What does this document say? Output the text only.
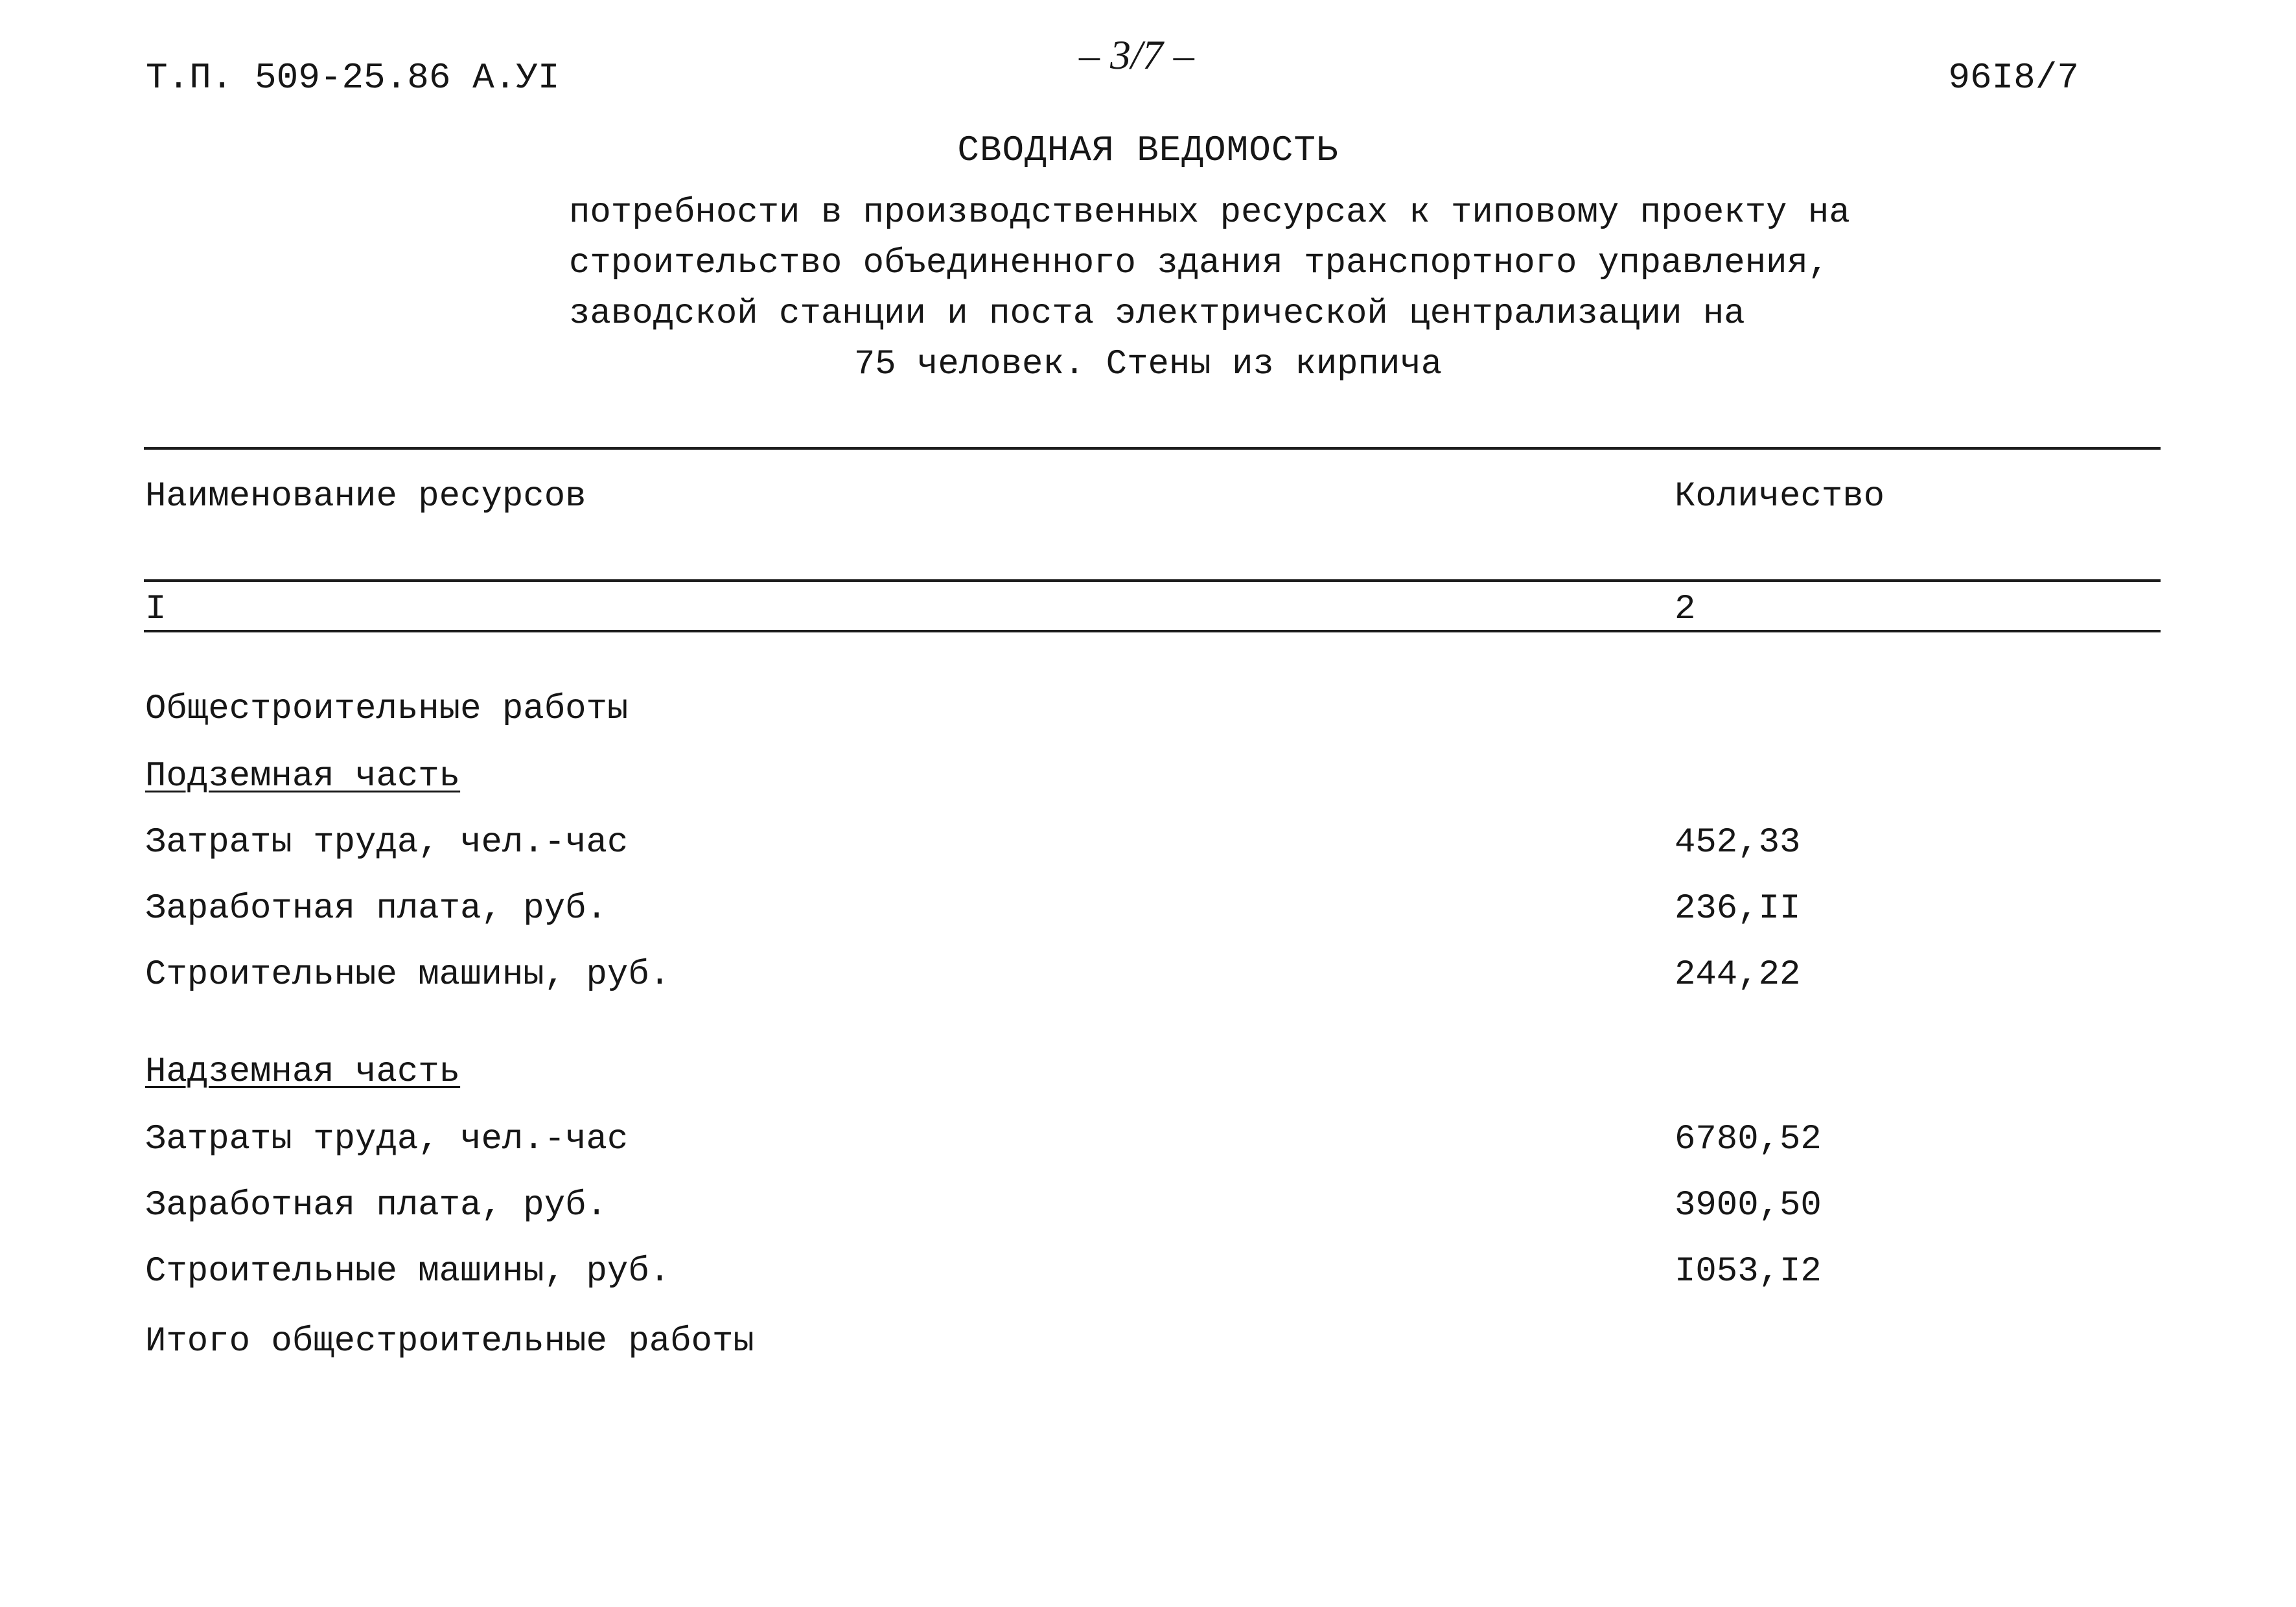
Т.П. 509-25.86 А.УI	– 3/7 –	96I8/7
СВОДНАЯ ВЕДОМОСТЬ
потребности в производственных ресурсах к типовому проекту на
строительство объединенного здания транспортного управления,
заводской станции и поста электрической централизации на
75 человек. Стены из кирпича
Наименование ресурсов	Количество
I	2
Общестроительные работы
Подземная часть
Затраты труда, чел.-час	452,33
Заработная плата, руб.	236,II
Строительные машины, руб.	244,22
Надземная часть
Затраты труда, чел.-час	6780,52
Заработная плата, руб.	3900,50
Строительные машины, руб.	I053,I2
Итого общестроительные работы
